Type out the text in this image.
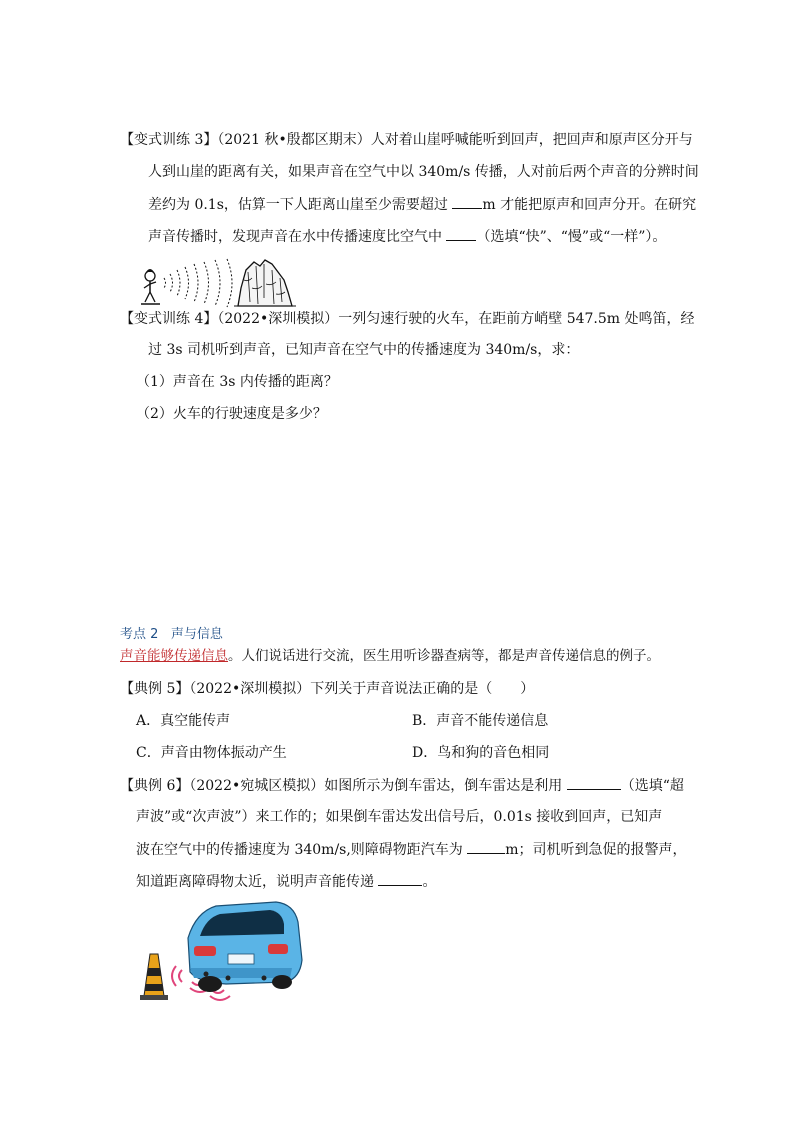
【变式训练 3】（2021 秋•殷都区期末）人对着山崖呼喊能听到回声，把回声和原声区分开与
人到山崖的距离有关，如果声音在空气中以 340m/s 传播，人对前后两个声音的分辨时间
差约为 0.1s，估算一下人距离山崖至少需要超过 m 才能把原声和回声分开。在研究
声音传播时，发现声音在水中传播速度比空气中 （选填“快”、“慢”或“一样”）。
【变式训练 4】（2022•深圳模拟）一列匀速行驶的火车，在距前方峭壁 547.5m 处鸣笛，经
过 3s 司机听到声音，已知声音在空气中的传播速度为 340m/s，求：
（1）声音在 3s 内传播的距离？
（2）火车的行驶速度是多少？
考点 2 声与信息
声音能够传递信息。人们说话进行交流，医生用听诊器查病等，都是声音传递信息的例子。
【典例 5】（2022•深圳模拟）下列关于声音说法正确的是（　　）
A．真空能传声	B．声音不能传递信息
C．声音由物体振动产生	D．鸟和狗的音色相同
【典例 6】（2022•宛城区模拟）如图所示为倒车雷达，倒车雷达是利用	（选填“超
声波”或“次声波”）来工作的；如果倒车雷达发出信号后，0.01s 接收到回声，已知声
波在空气中的传播速度为 340m/s,则障碍物距汽车为	m；司机听到急促的报警声，
知道距离障碍物太近，说明声音能传递	。
